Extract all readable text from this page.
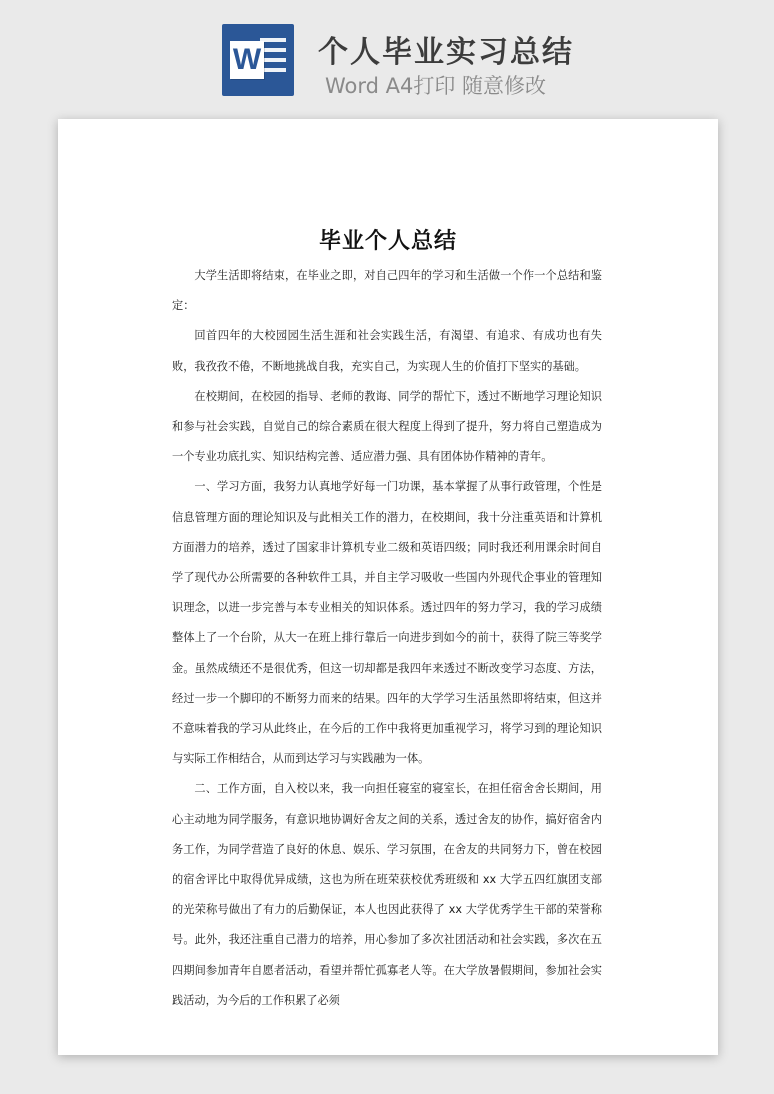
W 个人毕业实习总结
Word A4打印 随意修改
毕业个人总结

大学生活即将结束，在毕业之即，对自己四年的学习和生活做一个作一个总结和鉴定：

回首四年的大校园园生活生涯和社会实践生活，有渴望、有追求、有成功也有失败，我孜孜不倦，不断地挑战自我，充实自己，为实现人生的价值打下坚实的基础。

在校期间，在校园的指导、老师的教诲、同学的帮忙下，透过不断地学习理论知识和参与社会实践，自觉自己的综合素质在很大程度上得到了提升，努力将自己塑造成为一个专业功底扎实、知识结构完善、适应潜力强、具有团体协作精神的青年。

一、学习方面，我努力认真地学好每一门功课，基本掌握了从事行政管理，个性是信息管理方面的理论知识及与此相关工作的潜力，在校期间，我十分注重英语和计算机方面潜力的培养，透过了国家非计算机专业二级和英语四级；同时我还利用课余时间自学了现代办公所需要的各种软件工具，并自主学习吸收一些国内外现代企事业的管理知识理念，以进一步完善与本专业相关的知识体系。透过四年的努力学习，我的学习成绩整体上了一个台阶，从大一在班上排行靠后一向进步到如今的前十，获得了院三等奖学金。虽然成绩还不是很优秀，但这一切却都是我四年来透过不断改变学习态度、方法，经过一步一个脚印的不断努力而来的结果。四年的大学学习生活虽然即将结束，但这并不意味着我的学习从此终止，在今后的工作中我将更加重视学习，将学习到的理论知识与实际工作相结合，从而到达学习与实践融为一体。

二、工作方面，自入校以来，我一向担任寝室的寝室长，在担任宿舍舍长期间，用心主动地为同学服务，有意识地协调好舍友之间的关系，透过舍友的协作，搞好宿舍内务工作，为同学营造了良好的休息、娱乐、学习氛围，在舍友的共同努力下，曾在校园的宿舍评比中取得优异成绩，这也为所在班荣获校优秀班级和 xx 大学五四红旗团支部的光荣称号做出了有力的后勤保证，本人也因此获得了 xx 大学优秀学生干部的荣誉称号。此外，我还注重自己潜力的培养，用心参加了多次社团活动和社会实践，多次在五四期间参加青年自愿者活动，看望并帮忙孤寡老人等。在大学放暑假期间，参加社会实践活动，为今后的工作积累了必须
